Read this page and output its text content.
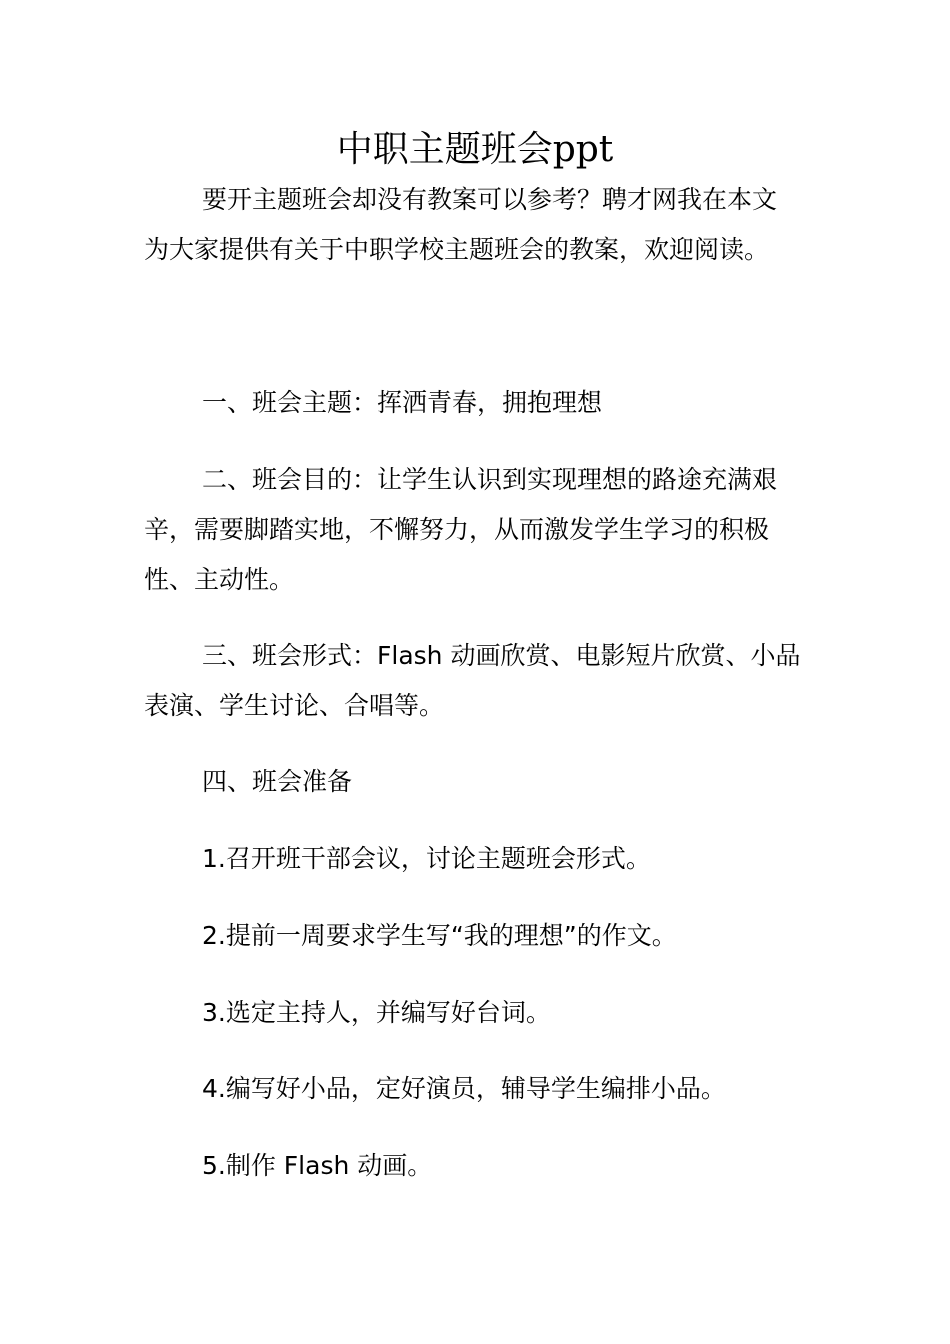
中职主题班会ppt

要开主题班会却没有教案可以参考？聘才网我在本文
为大家提供有关于中职学校主题班会的教案，欢迎阅读。

一、班会主题：挥洒青春，拥抱理想

二、班会目的：让学生认识到实现理想的路途充满艰
辛，需要脚踏实地，不懈努力，从而激发学生学习的积极
性、主动性。

三、班会形式：Flash 动画欣赏、电影短片欣赏、小品
表演、学生讨论、合唱等。

四、班会准备

1.召开班干部会议，讨论主题班会形式。

2.提前一周要求学生写“我的理想”的作文。

3.选定主持人，并编写好台词。

4.编写好小品，定好演员，辅导学生编排小品。

5.制作 Flash 动画。
